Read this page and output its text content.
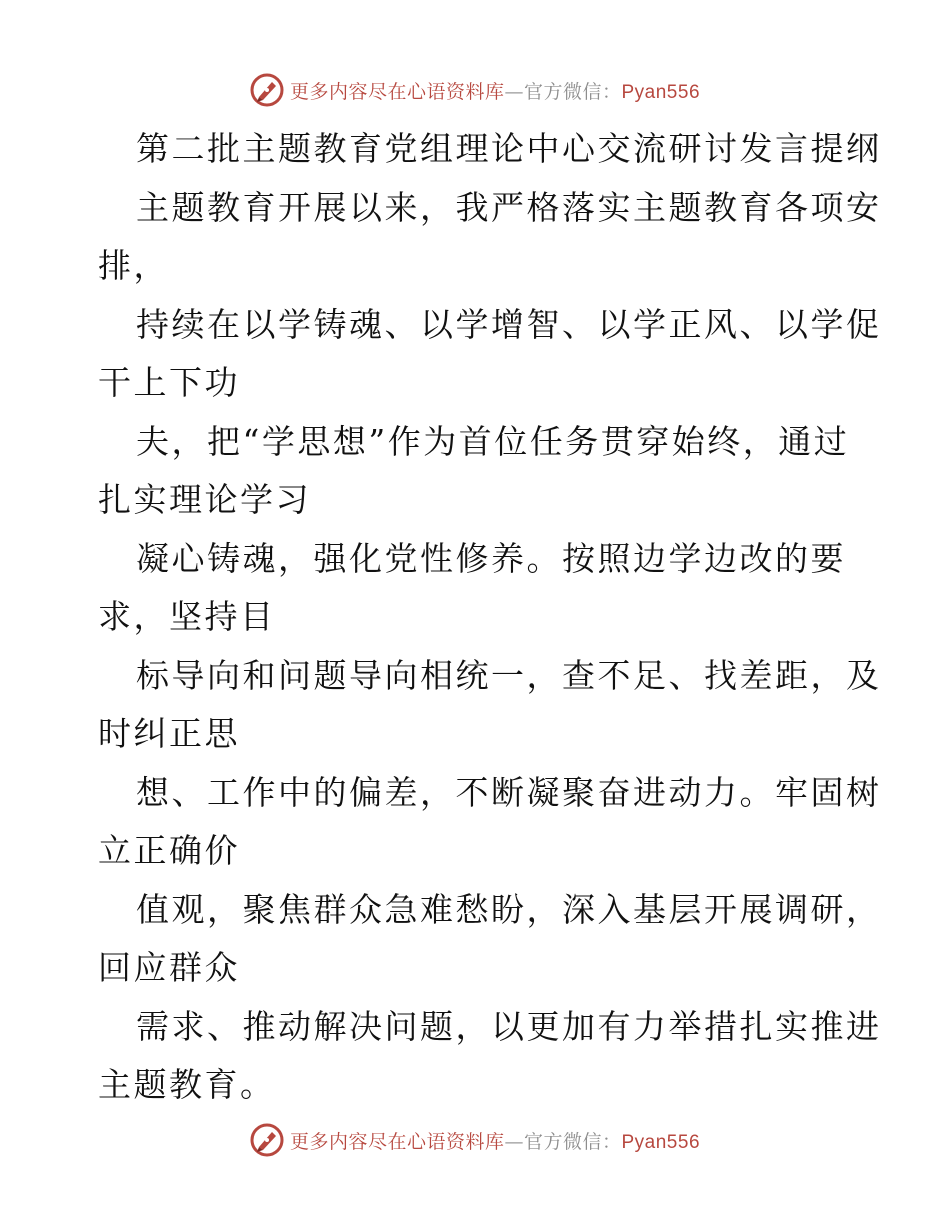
更多内容尽在心语资料库—官方微信：Pyan556
第二批主题教育党组理论中心交流研讨发言提纲
主题教育开展以来，我严格落实主题教育各项安
排，
持续在以学铸魂、以学增智、以学正风、以学促
干上下功
夫，把“学思想”作为首位任务贯穿始终，通过
扎实理论学习
凝心铸魂，强化党性修养。按照边学边改的要
求，坚持目
标导向和问题导向相统一，查不足、找差距，及
时纠正思
想、工作中的偏差，不断凝聚奋进动力。牢固树
立正确价
值观，聚焦群众急难愁盼，深入基层开展调研，
回应群众
需求、推动解决问题，以更加有力举措扎实推进
主题教育。
更多内容尽在心语资料库—官方微信：Pyan556
